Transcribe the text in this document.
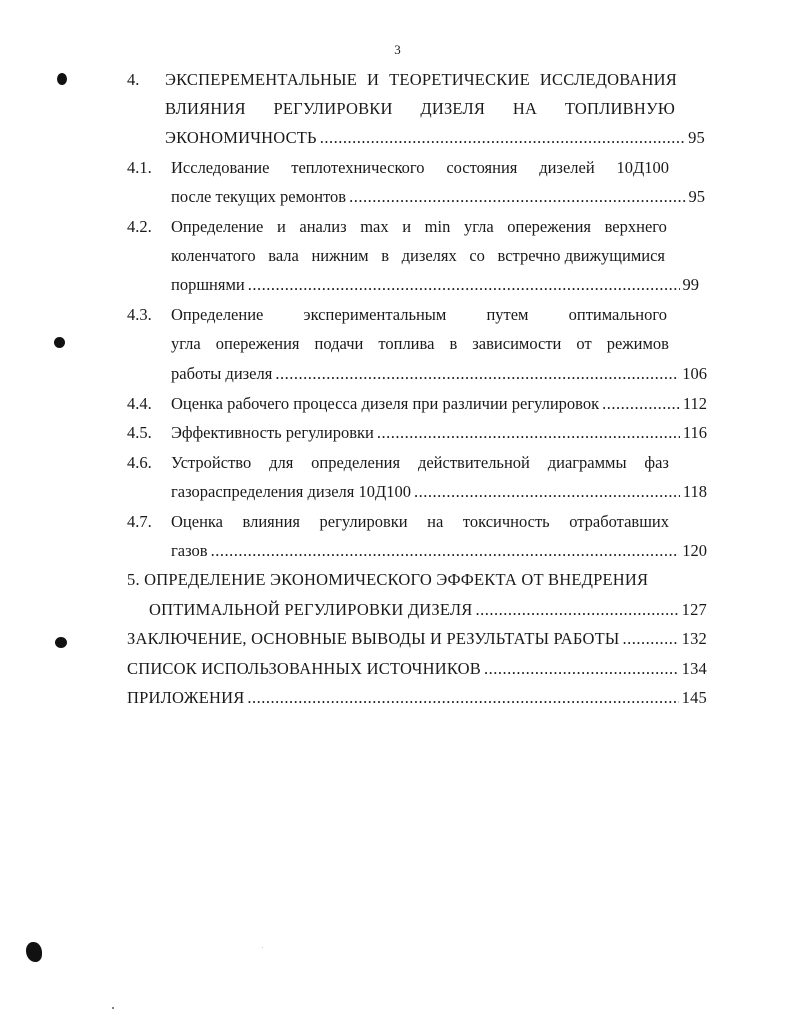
3
4. ЭКСПЕРЕМЕНТАЛЬНЫЕ И ТЕОРЕТИЧЕСКИЕ ИССЛЕДОВАНИЯ
ВЛИЯНИЯ РЕГУЛИРОВКИ ДИЗЕЛЯ НА ТОПЛИВНУЮ
ЭКОНОМИЧНОСТЬ .....	95
4.1. Исследование теплотехнического состояния дизелей 10Д100
после текущих ремонтов .....	95
4.2. Определение и анализ max и min угла опережения верхнего
коленчатого вала нижним в дизелях со встречно движущимися
поршнями .....	99
4.3. Определение экспериментальным путем оптимального
угла опережения подачи топлива в зависимости от режимов
работы дизеля .....	106
4.4. Оценка рабочего процесса дизеля при различии регулировок .....	112
4.5. Эффективность регулировки .....	116
4.6. Устройство для определения действительной диаграммы фаз
газораспределения дизеля 10Д100 .....	118
4.7. Оценка влияния регулировки на токсичность отработавших
газов .....	120
5. ОПРЕДЕЛЕНИЕ ЭКОНОМИЧЕСКОГО ЭФФЕКТА ОТ ВНЕДРЕНИЯ
ОПТИМАЛЬНОЙ РЕГУЛИРОВКИ ДИЗЕЛЯ .....	127
ЗАКЛЮЧЕНИЕ, ОСНОВНЫЕ ВЫВОДЫ И РЕЗУЛЬТАТЫ РАБОТЫ .....	132
СПИСОК ИСПОЛЬЗОВАННЫХ ИСТОЧНИКОВ .....	134
ПРИЛОЖЕНИЯ .....	145
